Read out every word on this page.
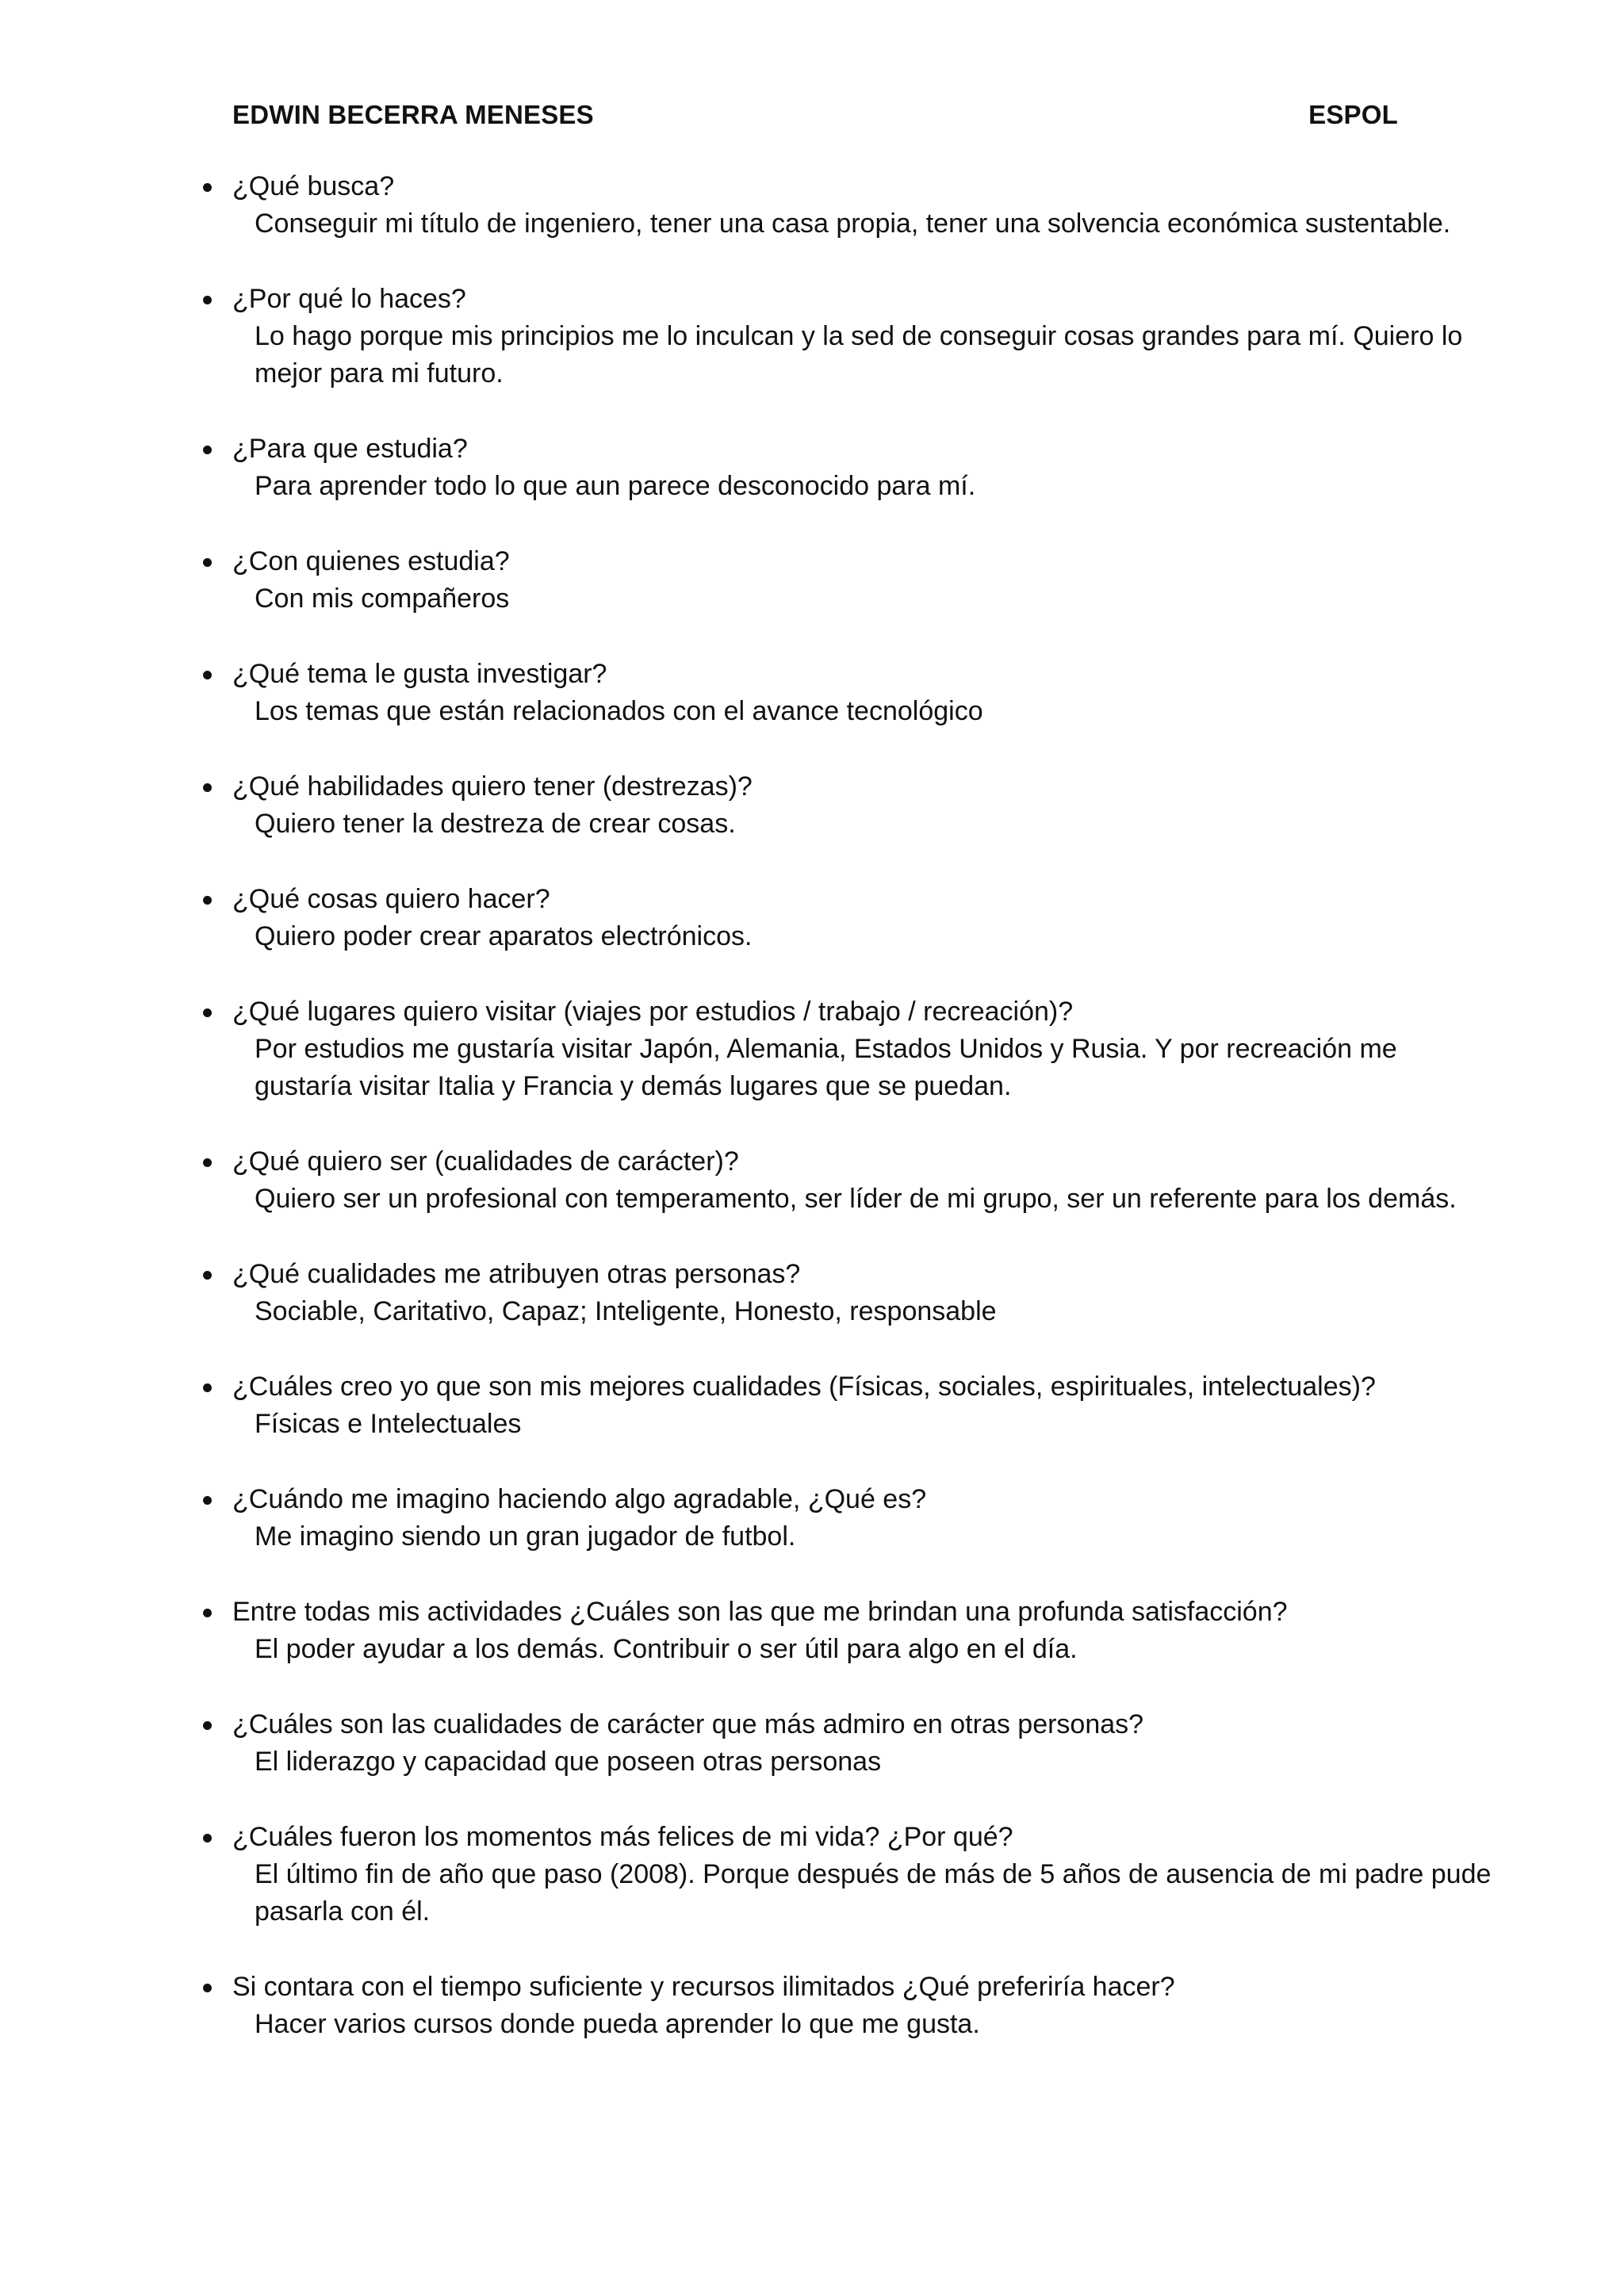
EDWIN BECERRA MENESES	ESPOL
¿Qué busca?
Conseguir mi título de ingeniero, tener una casa propia, tener una solvencia económica sustentable.
¿Por qué lo haces?
Lo hago porque mis principios me lo inculcan y la sed de conseguir cosas grandes para mí. Quiero lo mejor para mi futuro.
¿Para que estudia?
Para aprender todo lo que aun parece desconocido para mí.
¿Con quienes estudia?
Con mis compañeros
¿Qué tema le gusta investigar?
Los temas que están relacionados con el avance tecnológico
¿Qué habilidades quiero tener (destrezas)?
Quiero tener la destreza de crear cosas.
¿Qué cosas quiero hacer?
Quiero poder crear aparatos electrónicos.
¿Qué lugares quiero visitar (viajes por estudios / trabajo / recreación)?
Por estudios me gustaría visitar Japón, Alemania, Estados Unidos y Rusia. Y por recreación me gustaría visitar Italia y Francia y demás lugares que se puedan.
¿Qué quiero ser (cualidades de carácter)?
Quiero ser un profesional con temperamento, ser líder de mi grupo, ser un referente para los demás.
¿Qué cualidades me atribuyen otras personas?
Sociable, Caritativo, Capaz; Inteligente, Honesto, responsable
¿Cuáles creo yo que son mis mejores cualidades (Físicas, sociales, espirituales, intelectuales)?
Físicas e Intelectuales
¿Cuándo me imagino haciendo algo agradable, ¿Qué es?
Me imagino siendo un gran jugador de futbol.
Entre todas mis actividades ¿Cuáles son las que me brindan una profunda satisfacción?
El poder ayudar a los demás. Contribuir o ser útil para algo en el día.
¿Cuáles son las cualidades de carácter que más admiro en otras personas?
El liderazgo y capacidad que poseen otras personas
¿Cuáles fueron los momentos más felices de mi vida? ¿Por qué?
El último fin de año que paso (2008). Porque después de más de 5 años de ausencia de mi padre pude pasarla con él.
Si contara con el tiempo suficiente y recursos ilimitados ¿Qué preferiría hacer?
Hacer varios cursos donde pueda aprender lo que me gusta.
